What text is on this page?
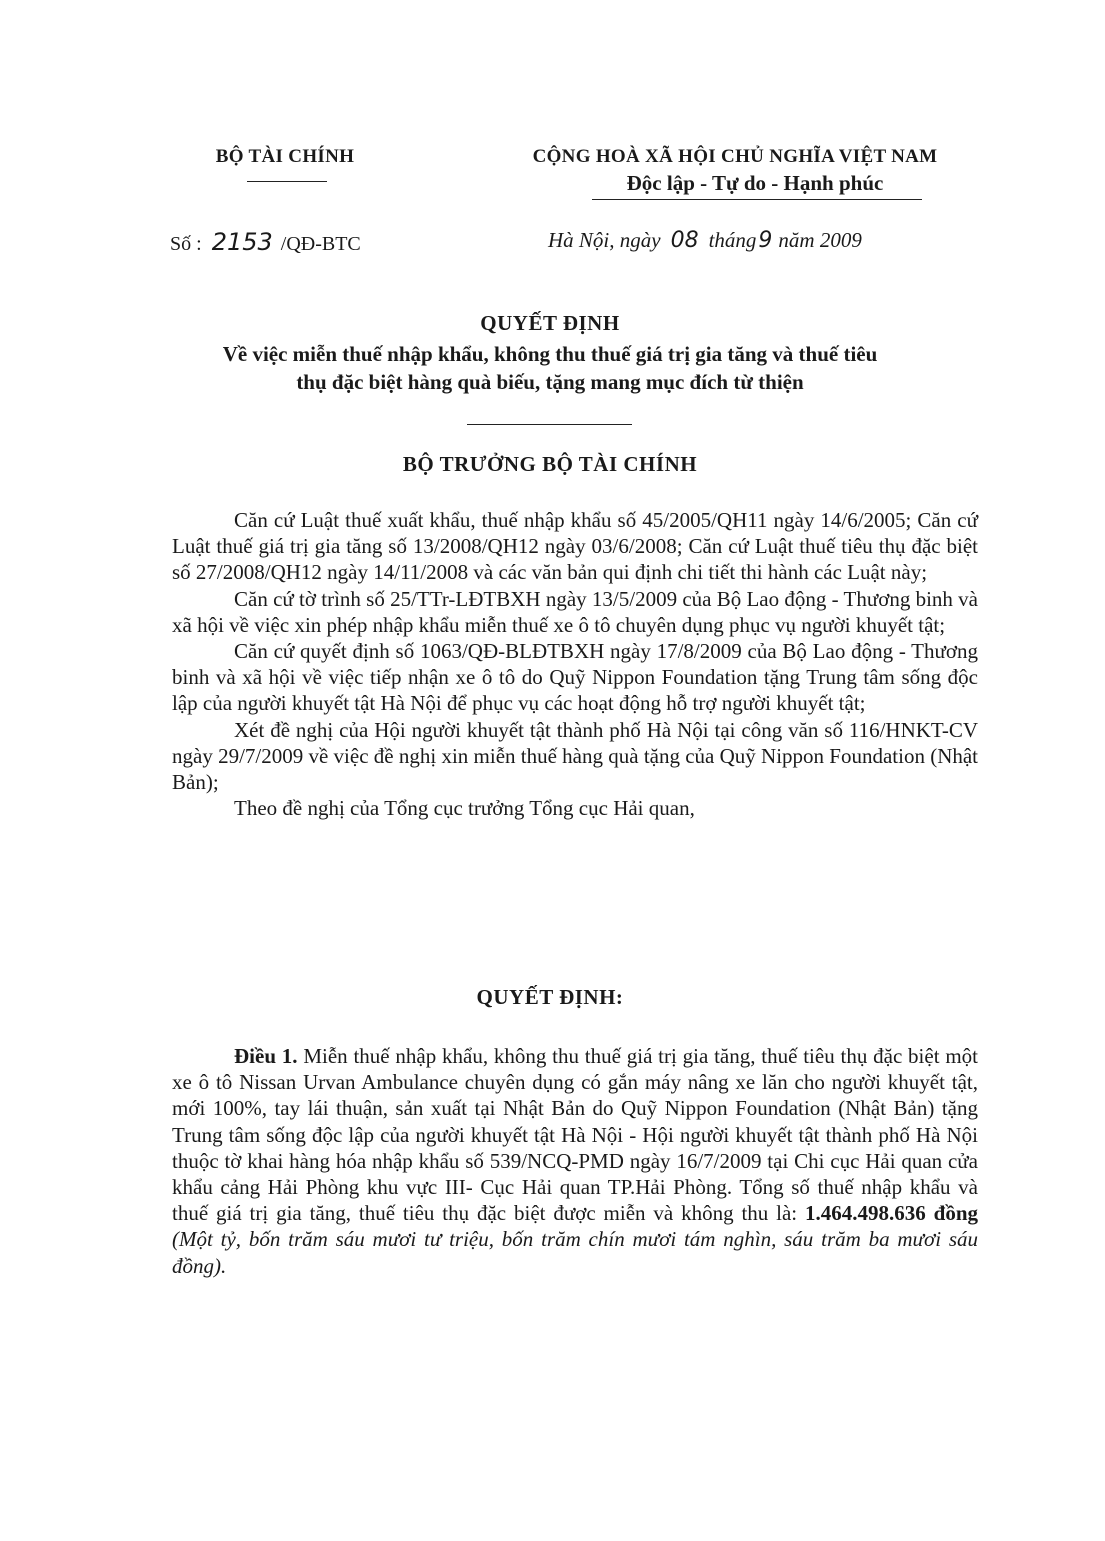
BỘ TÀI CHÍNH	CỘNG HOÀ XÃ HỘI CHỦ NGHĨA VIỆT NAM
Độc lập - Tự do - Hạnh phúc
Số : 2153 /QĐ-BTC	Hà Nội, ngày 08 tháng 9 năm 2009
QUYẾT ĐỊNH
Về việc miễn thuế nhập khẩu, không thu thuế giá trị gia tăng và thuế tiêu
thụ đặc biệt hàng quà biếu, tặng mang mục đích từ thiện
BỘ TRƯỞNG BỘ TÀI CHÍNH

Căn cứ Luật thuế xuất khẩu, thuế nhập khẩu số 45/2005/QH11 ngày 14/6/2005; Căn cứ Luật thuế giá trị gia tăng số 13/2008/QH12 ngày 03/6/2008; Căn cứ Luật thuế tiêu thụ đặc biệt số 27/2008/QH12 ngày 14/11/2008 và các văn bản qui định chi tiết thi hành các Luật này;

Căn cứ tờ trình số 25/TTr-LĐTBXH ngày 13/5/2009 của Bộ Lao động - Thương binh và xã hội về việc xin phép nhập khẩu miễn thuế xe ô tô chuyên dụng phục vụ người khuyết tật;

Căn cứ quyết định số 1063/QĐ-BLĐTBXH ngày 17/8/2009 của Bộ Lao động - Thương binh và xã hội về việc tiếp nhận xe ô tô do Quỹ Nippon Foundation tặng Trung tâm sống độc lập của người khuyết tật Hà Nội để phục vụ các hoạt động hỗ trợ người khuyết tật;

Xét đề nghị của Hội người khuyết tật thành phố Hà Nội tại công văn số 116/HNKT-CV ngày 29/7/2009 về việc đề nghị xin miễn thuế hàng quà tặng của Quỹ Nippon Foundation (Nhật Bản);

Theo đề nghị của Tổng cục trưởng Tổng cục Hải quan,

QUYẾT ĐỊNH:

Điều 1. Miễn thuế nhập khẩu, không thu thuế giá trị gia tăng, thuế tiêu thụ đặc biệt một xe ô tô Nissan Urvan Ambulance chuyên dụng có gắn máy nâng xe lăn cho người khuyết tật, mới 100%, tay lái thuận, sản xuất tại Nhật Bản do Quỹ Nippon Foundation (Nhật Bản) tặng Trung tâm sống độc lập của người khuyết tật Hà Nội - Hội người khuyết tật thành phố Hà Nội thuộc tờ khai hàng hóa nhập khẩu số 539/NCQ-PMD ngày 16/7/2009 tại Chi cục Hải quan cửa khẩu cảng Hải Phòng khu vực III- Cục Hải quan TP.Hải Phòng. Tổng số thuế nhập khẩu và thuế giá trị gia tăng, thuế tiêu thụ đặc biệt được miễn và không thu là: 1.464.498.636 đồng (Một tỷ, bốn trăm sáu mươi tư triệu, bốn trăm chín mươi tám nghìn, sáu trăm ba mươi sáu đồng).
